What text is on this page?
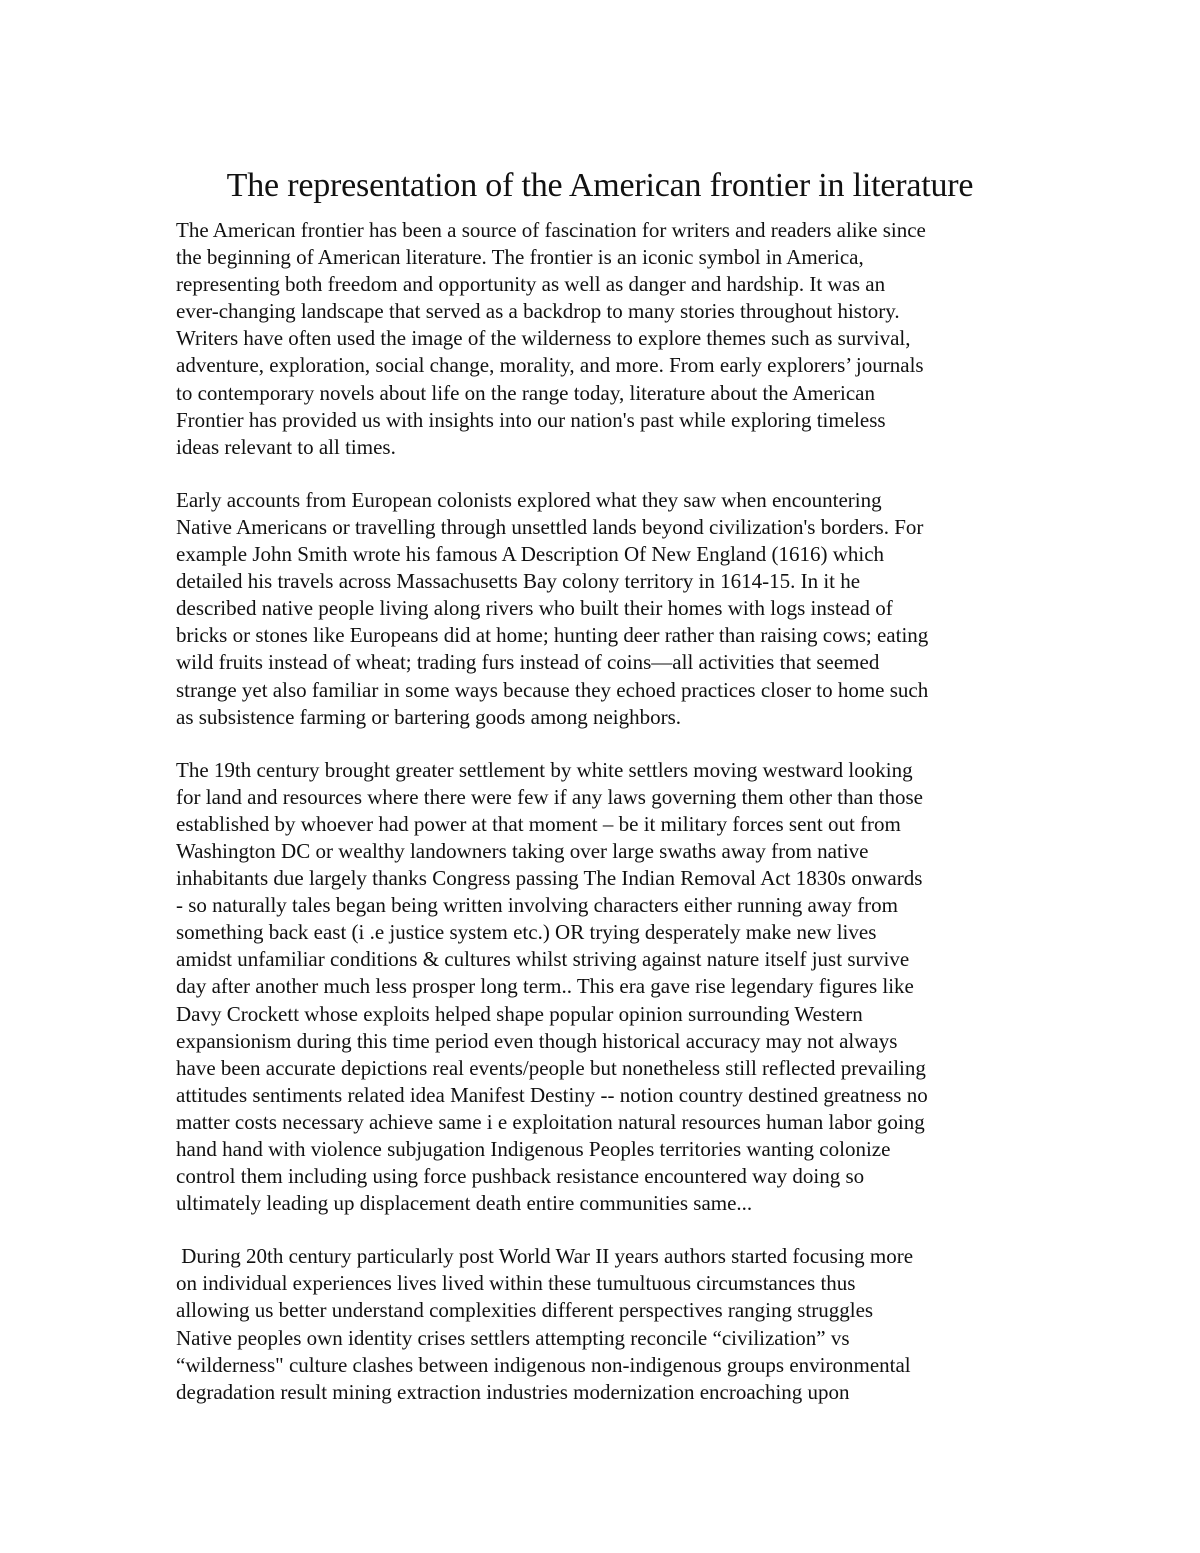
The representation of the American frontier in literature

The American frontier has been a source of fascination for writers and readers alike since
the beginning of American literature. The frontier is an iconic symbol in America,
representing both freedom and opportunity as well as danger and hardship. It was an
ever-changing landscape that served as a backdrop to many stories throughout history.
Writers have often used the image of the wilderness to explore themes such as survival,
adventure, exploration, social change, morality, and more. From early explorers’ journals
to contemporary novels about life on the range today, literature about the American
Frontier has provided us with insights into our nation's past while exploring timeless
ideas relevant to all times.

Early accounts from European colonists explored what they saw when encountering
Native Americans or travelling through unsettled lands beyond civilization's borders. For
example John Smith wrote his famous A Description Of New England (1616) which
detailed his travels across Massachusetts Bay colony territory in 1614-15. In it he
described native people living along rivers who built their homes with logs instead of
bricks or stones like Europeans did at home; hunting deer rather than raising cows; eating
wild fruits instead of wheat; trading furs instead of coins—all activities that seemed
strange yet also familiar in some ways because they echoed practices closer to home such
as subsistence farming or bartering goods among neighbors.

The 19th century brought greater settlement by white settlers moving westward looking
for land and resources where there were few if any laws governing them other than those
established by whoever had power at that moment – be it military forces sent out from
Washington DC or wealthy landowners taking over large swaths away from native
inhabitants due largely thanks Congress passing The Indian Removal Act 1830s onwards
- so naturally tales began being written involving characters either running away from
something back east (i .e justice system etc.) OR trying desperately make new lives
amidst unfamiliar conditions & cultures whilst striving against nature itself just survive
day after another much less prosper long term.. This era gave rise legendary figures like
Davy Crockett whose exploits helped shape popular opinion surrounding Western
expansionism during this time period even though historical accuracy may not always
have been accurate depictions real events/people but nonetheless still reflected prevailing
attitudes sentiments related idea Manifest Destiny -- notion country destined greatness no
matter costs necessary achieve same i e exploitation natural resources human labor going
hand hand with violence subjugation Indigenous Peoples territories wanting colonize
control them including using force pushback resistance encountered way doing so
ultimately leading up displacement death entire communities same...

During 20th century particularly post World War II years authors started focusing more
on individual experiences lives lived within these tumultuous circumstances thus
allowing us better understand complexities different perspectives ranging struggles
Native peoples own identity crises settlers attempting reconcile “civilization” vs
“wilderness" culture clashes between indigenous non-indigenous groups environmental
degradation result mining extraction industries modernization encroaching upon
